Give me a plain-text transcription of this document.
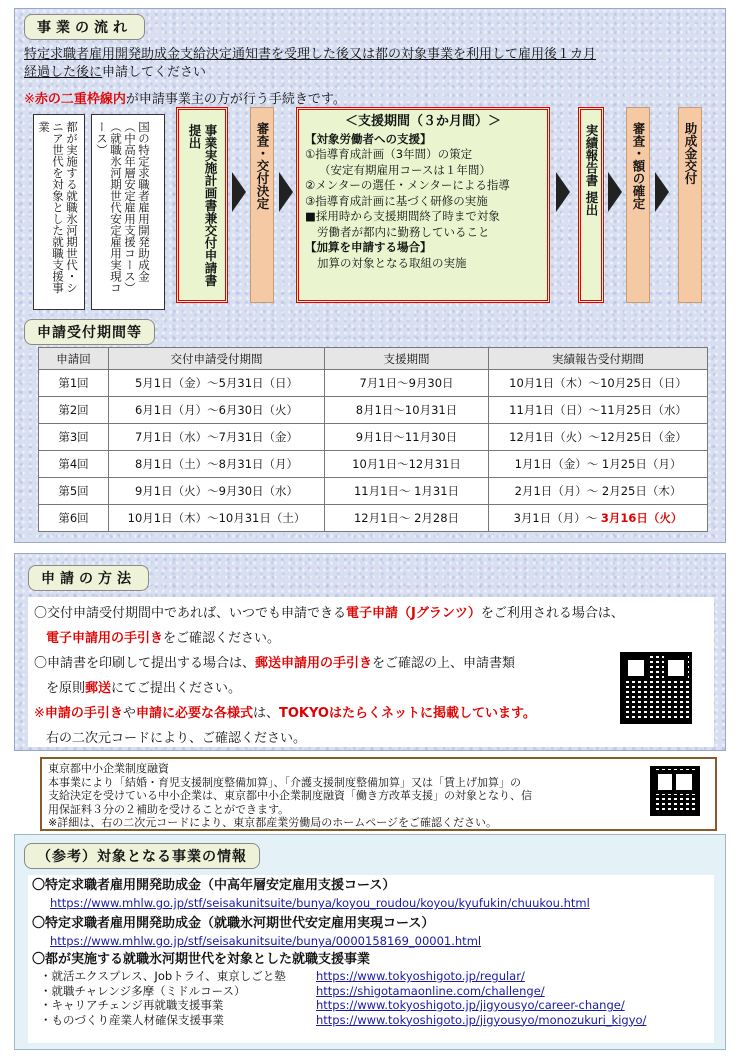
事業の流れ
特定求職者雇用開発助成金支給決定通知書を受理した後又は都の対象事業を利用して雇用後１カ月
経過した後に申請してください
※赤の二重枠線内が申請事業主の方が行う手続きです。
都が実施する就職氷河期世代・シニア世代を対象とした就職支援事業	国の特定求職者雇用開発助成金（中高年層安定雇用支援コース）（就職氷河期世代安定雇用実現コース）	事業実施計画書兼交付申請書 提出	審査・交付決定
＜支援期間（３か月間）＞
【対象労働者への支援】
①指導育成計画（3年間）の策定
（安定有期雇用コースは１年間）
②メンターの選任・メンターによる指導
③指導育成計画に基づく研修の実施
■採用時から支援期間終了時まで対象
労働者が都内に勤務していること
【加算を申請する場合】
加算の対象となる取組の実施
実績報告書 提出	審査・額の確定	助成金交付
申請受付期間等
申請回	交付申請受付期間	支援期間	実績報告受付期間
第1回	5月1日（金）～5月31日（日）	7月1日～9月30日	10月1日（木）～10月25日（日）
第2回	6月1日（月）～6月30日（火）	8月1日～10月31日	11月1日（日）～11月25日（水）
第3回	7月1日（水）～7月31日（金）	9月1日～11月30日	12月1日（火）～12月25日（金）
第4回	8月1日（土）～8月31日（月）	10月1日～12月31日	1月1日（金）～ 1月25日（月）
第5回	9月1日（火）～9月30日（水）	11月1日～ 1月31日	2月1日（月）～ 2月25日（木）
第6回	10月1日（木）～10月31日（土）	12月1日～ 2月28日	3月1日（月）～ 3月16日（火）
申請の方法
〇交付申請受付期間中であれば、いつでも申請できる電子申請（Jグランツ）をご利用される場合は、
電子申請用の手引きをご確認ください。
〇申請書を印刷して提出する場合は、郵送申請用の手引きをご確認の上、申請書類
を原則郵送にてご提出ください。
※申請の手引きや申請に必要な各様式は、TOKYOはたらくネットに掲載しています。
右の二次元コードにより、ご確認ください。
東京都中小企業制度融資
本事業により「結婚・育児支援制度整備加算」、「介護支援制度整備加算」又は「賃上げ加算」の
支給決定を受けている中小企業は、東京都中小企業制度融資「働き方改革支援」の対象となり、信
用保証料３分の２補助を受けることができます。
※詳細は、右の二次元コードにより、東京都産業労働局のホームページをご確認ください。
（参考）対象となる事業の情報
〇特定求職者雇用開発助成金（中高年層安定雇用支援コース）
https://www.mhlw.go.jp/stf/seisakunitsuite/bunya/koyou_roudou/koyou/kyufukin/chuukou.html
〇特定求職者雇用開発助成金（就職氷河期世代安定雇用実現コース）
https://www.mhlw.go.jp/stf/seisakunitsuite/bunya/0000158169_00001.html
〇都が実施する就職氷河期世代を対象とした就職支援事業
・就活エクスプレス、Jobトライ、東京しごと塾	https://www.tokyoshigoto.jp/regular/
・就職チャレンジ多摩（ミドルコース）	https://shigotamaonline.com/challenge/
・キャリアチェンジ再就職支援事業	https://www.tokyoshigoto.jp/jigyousyo/career-change/
・ものづくり産業人材確保支援事業	https://www.tokyoshigoto.jp/jigyousyo/monozukuri_kigyo/
